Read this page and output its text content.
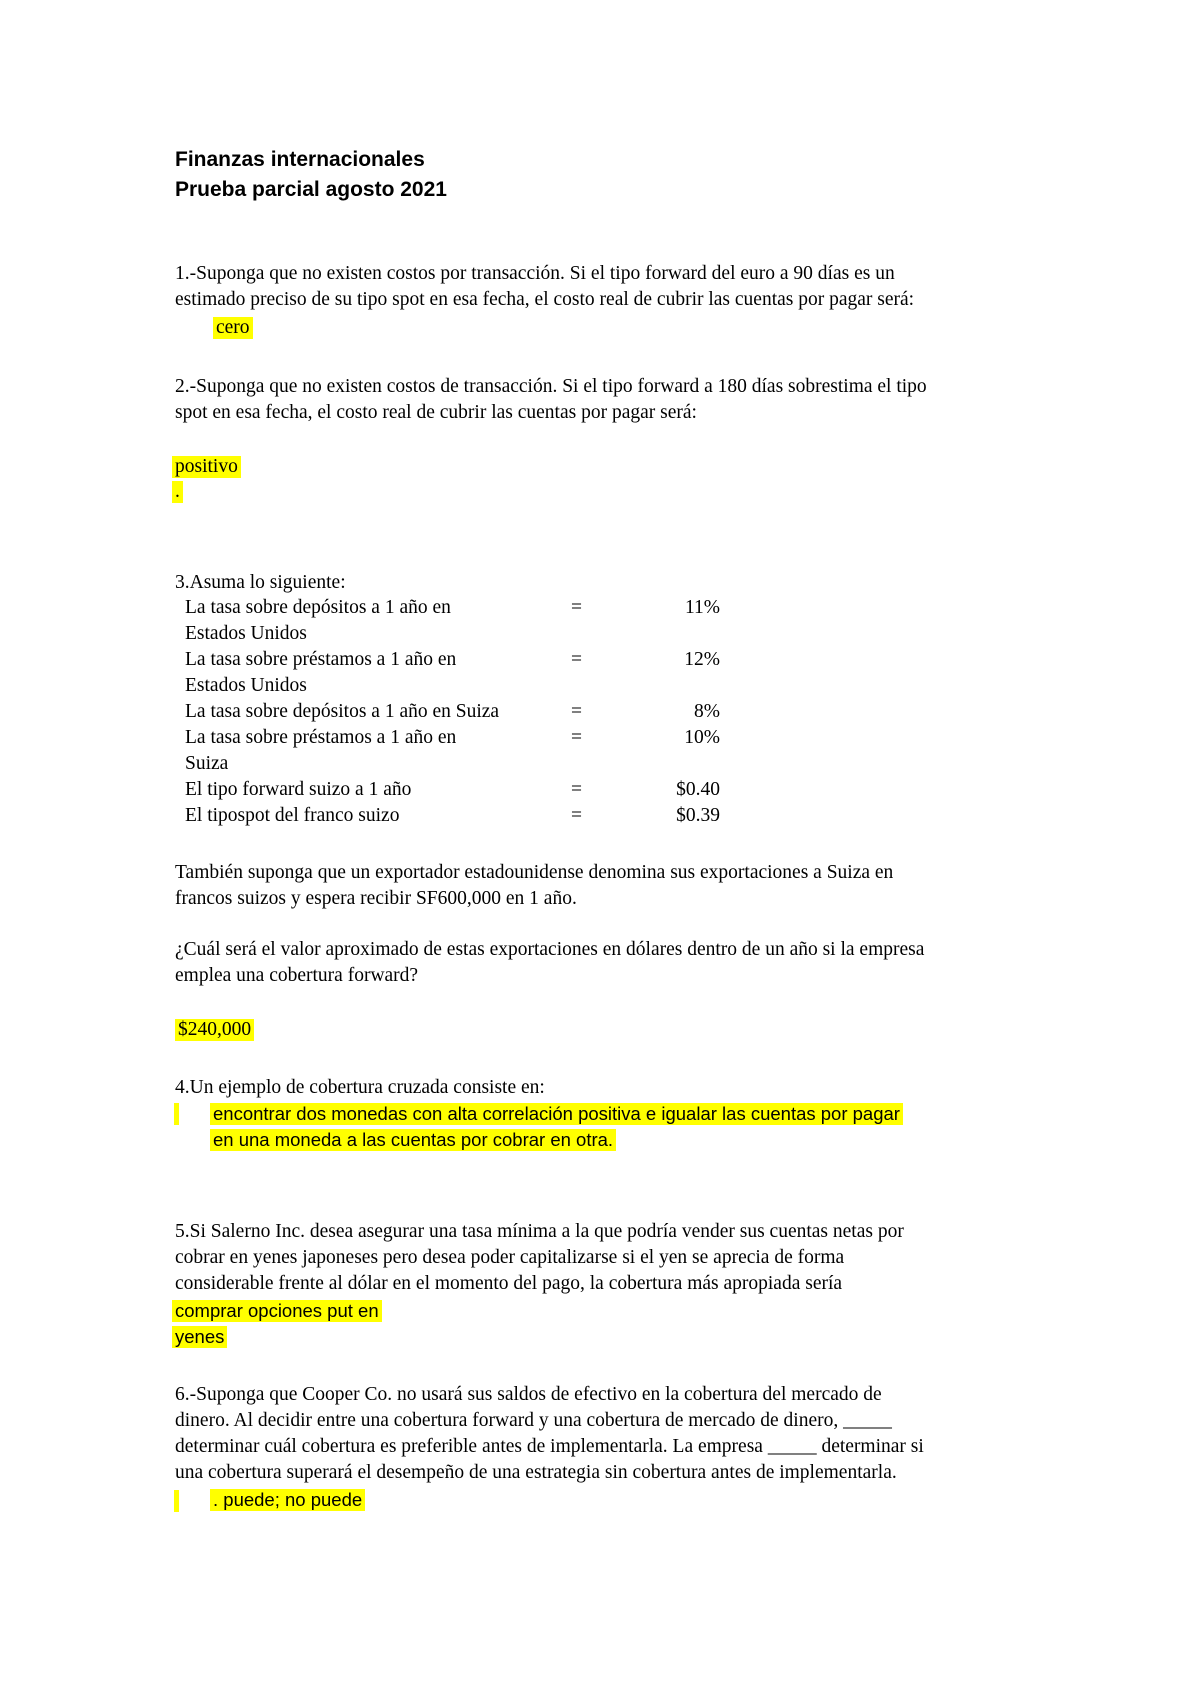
Finanzas internacionales
Prueba parcial agosto 2021
1.-Suponga que no existen costos por transacción. Si el tipo forward del euro a 90 días es un
estimado preciso de su tipo spot en esa fecha, el costo real de cubrir las cuentas por pagar será:
cero
2.-Suponga que no existen costos de transacción. Si el tipo forward a 180 días sobrestima el tipo
spot en esa fecha, el costo real de cubrir las cuentas por pagar será:
positivo
.
3.Asuma lo siguiente:
La tasa sobre depósitos a 1 año en	=	11%
Estados Unidos
La tasa sobre préstamos a 1 año en	=	12%
Estados Unidos
La tasa sobre depósitos a 1 año en Suiza	=	8%
La tasa sobre préstamos a 1 año en	=	10%
Suiza
El tipo forward suizo a 1 año	=	$0.40
El tipospot del franco suizo	=	$0.39
También suponga que un exportador estadounidense denomina sus exportaciones a Suiza en
francos suizos y espera recibir SF600,000 en 1 año.
¿Cuál será el valor aproximado de estas exportaciones en dólares dentro de un año si la empresa
emplea una cobertura forward?
$240,000
4.Un ejemplo de cobertura cruzada consiste en:
encontrar dos monedas con alta correlación positiva e igualar las cuentas por pagar
en una moneda a las cuentas por cobrar en otra.
5.Si Salerno Inc. desea asegurar una tasa mínima a la que podría vender sus cuentas netas por
cobrar en yenes japoneses pero desea poder capitalizarse si el yen se aprecia de forma
considerable frente al dólar en el momento del pago, la cobertura más apropiada sería
comprar opciones put en
yenes
6.-Suponga que Cooper Co. no usará sus saldos de efectivo en la cobertura del mercado de
dinero. Al decidir entre una cobertura forward y una cobertura de mercado de dinero, _____
determinar cuál cobertura es preferible antes de implementarla. La empresa _____ determinar si
una cobertura superará el desempeño de una estrategia sin cobertura antes de implementarla.
. puede; no puede
